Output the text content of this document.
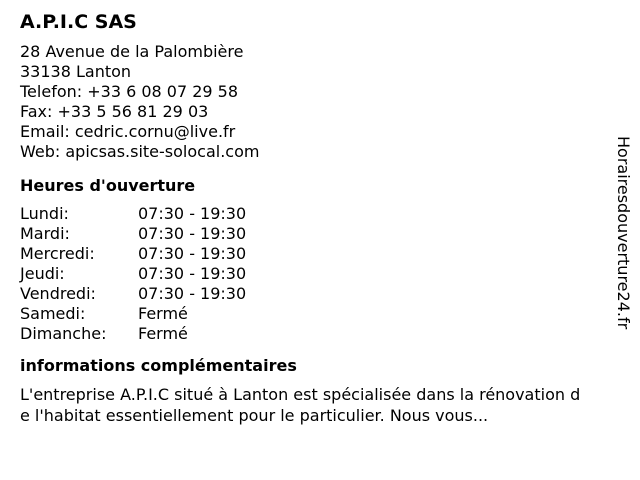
A.P.I.C SAS
28 Avenue de la Palombière
33138 Lanton
Telefon: +33 6 08 07 29 58
Fax: +33 5 56 81 29 03
Email: cedric.cornu@live.fr
Web: apicsas.site-solocal.com
Heures d'ouverture
Lundi:	07:30 - 19:30
Mardi:	07:30 - 19:30
Mercredi:	07:30 - 19:30
Jeudi:	07:30 - 19:30
Vendredi:	07:30 - 19:30
Samedi:	Fermé
Dimanche:	Fermé
informations complémentaires
L'entreprise A.P.I.C situé à Lanton est spécialisée dans la rénovation de l'habitat essentiellement pour le particulier. Nous vous...
Horairesdouverture24.fr
